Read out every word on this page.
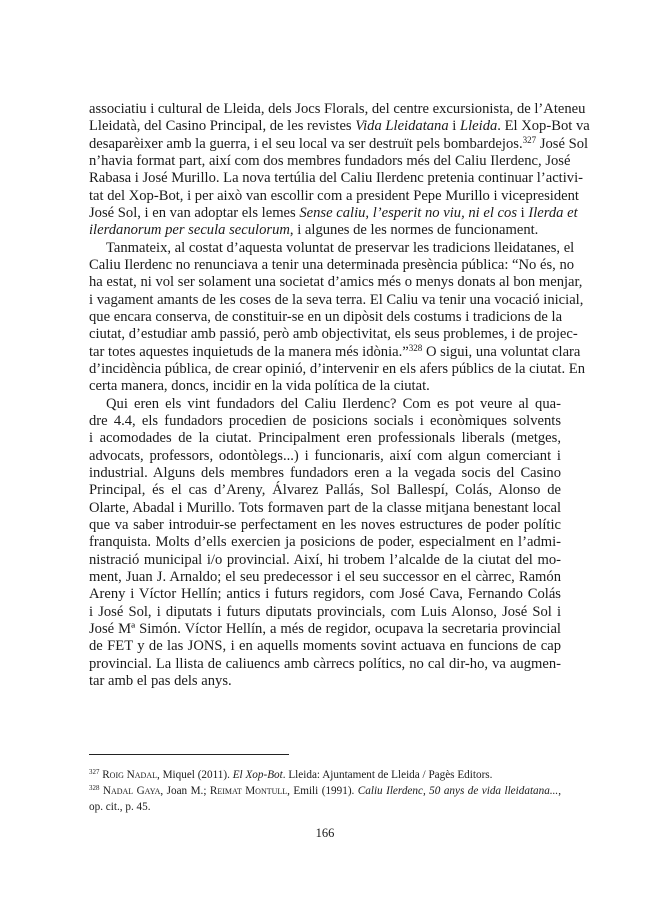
associatiu i cultural de Lleida, dels Jocs Florals, del centre excursionista, de l’Ateneu
Lleidatà, del Casino Principal, de les revistes Vida Lleidatana i Lleida. El Xop-Bot va
desaparèixer amb la guerra, i el seu local va ser destruït pels bombardejos.$^{327}$ José Sol
n’havia format part, així com dos membres fundadors més del Caliu Ilerdenc, José
Rabasa i José Murillo. La nova tertúlia del Caliu Ilerdenc pretenia continuar l’activi-
tat del Xop-Bot, i per això van escollir com a president Pepe Murillo i vicepresident
José Sol, i en van adoptar els lemes Sense caliu, l’esperit no viu, ni el cos i Ilerda et
ilerdanorum per secula seculorum, i algunes de les normes de funcionament.
Tanmateix, al costat d’aquesta voluntat de preservar les tradicions lleidatanes, el
Caliu Ilerdenc no renunciava a tenir una determinada presència pública: “No és, no
ha estat, ni vol ser solament una societat d’amics més o menys donats al bon menjar,
i vagament amants de les coses de la seva terra. El Caliu va tenir una vocació inicial,
que encara conserva, de constituir-se en un dipòsit dels costums i tradicions de la
ciutat, d’estudiar amb passió, però amb objectivitat, els seus problemes, i de projec-
tar totes aquestes inquietuds de la manera més idònia.”$^{328}$ O sigui, una voluntat clara
d’incidència pública, de crear opinió, d’intervenir en els afers públics de la ciutat. En
certa manera, doncs, incidir en la vida política de la ciutat.
Qui eren els vint fundadors del Caliu Ilerdenc? Com es pot veure al qua-
dre 4.4, els fundadors procedien de posicions socials i econòmiques solvents
i acomodades de la ciutat. Principalment eren professionals liberals (metges,
advocats, professors, odontòlegs...) i funcionaris, així com algun comerciant i
industrial. Alguns dels membres fundadors eren a la vegada socis del Casino
Principal, és el cas d’Areny, Álvarez Pallás, Sol Ballespí, Colás, Alonso de
Olarte, Abadal i Murillo. Tots formaven part de la classe mitjana benestant local
que va saber introduir-se perfectament en les noves estructures de poder polític
franquista. Molts d’ells exercien ja posicions de poder, especialment en l’admi-
nistració municipal i/o provincial. Així, hi trobem l’alcalde de la ciutat del mo-
ment, Juan J. Arnaldo; el seu predecessor i el seu successor en el càrrec, Ramón
Areny i Víctor Hellín; antics i futurs regidors, com José Cava, Fernando Colás
i José Sol, i diputats i futurs diputats provincials, com Luis Alonso, José Sol i
José Mª Simón. Víctor Hellín, a més de regidor, ocupava la secretaria provincial
de FET y de las JONS, i en aquells moments sovint actuava en funcions de cap
provincial. La llista de caliuencs amb càrrecs polítics, no cal dir-ho, va augmen-
tar amb el pas dels anys.
$^{327}$ Roig Nadal, Miquel (2011). El Xop-Bot. Lleida: Ajuntament de Lleida / Pagès Editors.
$^{328}$ Nadal Gaya, Joan M.; Reimat Montull, Emili (1991). Caliu Ilerdenc, 50 anys de vida lleidatana...,
op. cit., p. 45.
166
